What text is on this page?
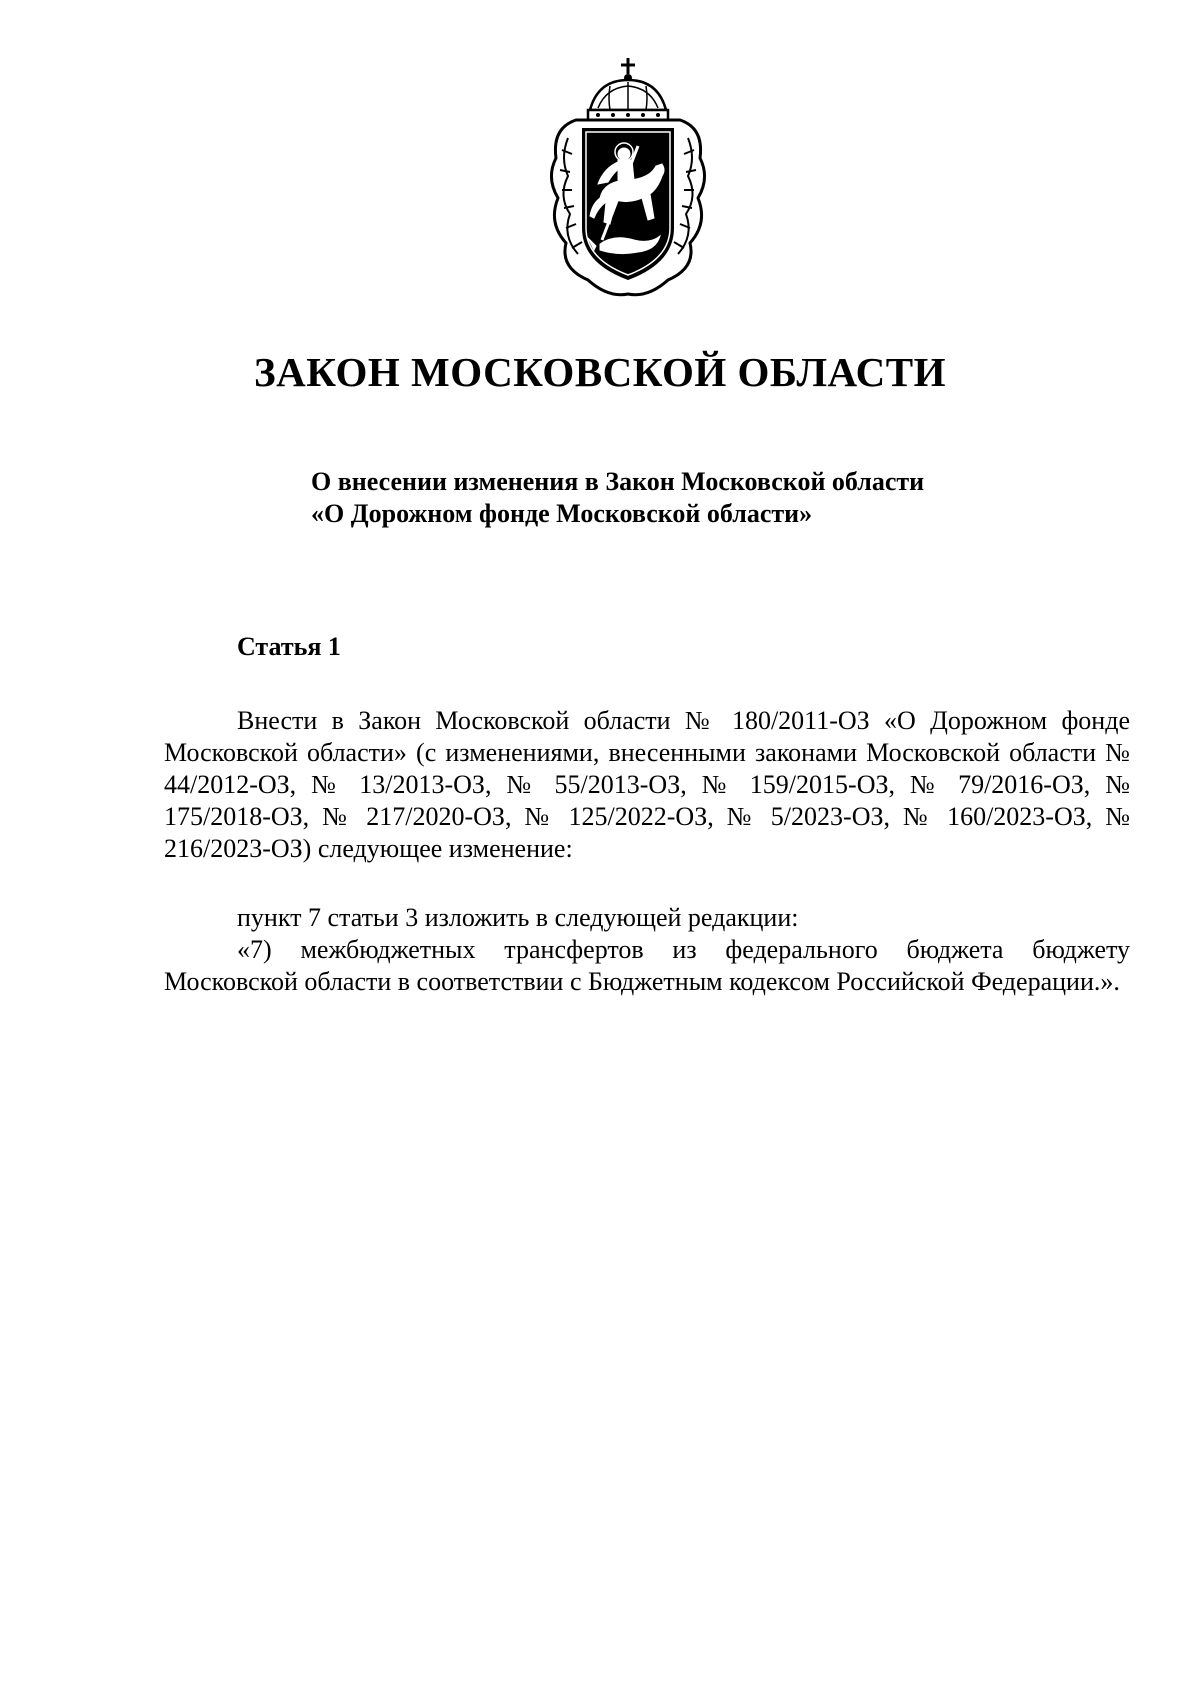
ЗАКОН МОСКОВСКОЙ ОБЛАСТИ
О внесении изменения в Закон Московской области
«О Дорожном фонде Московской области»
Статья 1

Внести в Закон Московской области № 180/2011-ОЗ «О Дорожном фонде Московской области» (с изменениями, внесенными законами Московской области № 44/2012-ОЗ, № 13/2013-ОЗ, № 55/2013-ОЗ, № 159/2015-ОЗ, № 79/2016-ОЗ, № 175/2018-ОЗ, № 217/2020-ОЗ, № 125/2022-ОЗ, № 5/2023-ОЗ, № 160/2023-ОЗ, № 216/2023-ОЗ) следующее изменение:

пункт 7 статьи 3 изложить в следующей редакции:

«7) межбюджетных трансфертов из федерального бюджета бюджету Московской области в соответствии с Бюджетным кодексом Российской Федерации.».
